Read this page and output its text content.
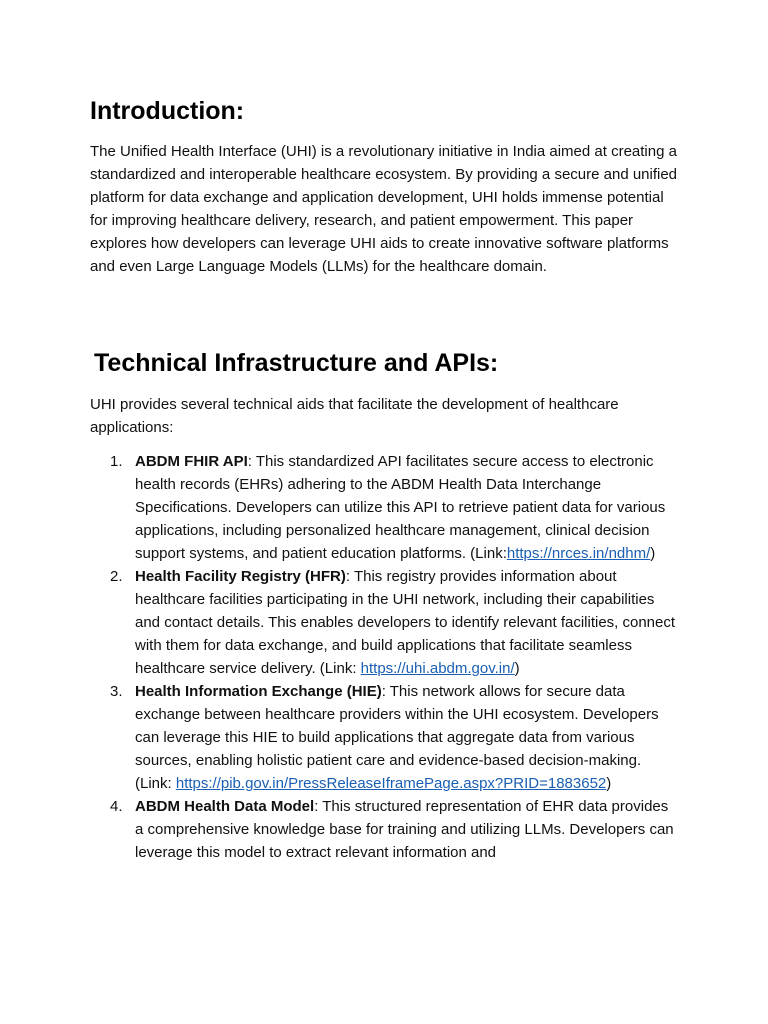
Introduction:

The Unified Health Interface (UHI) is a revolutionary initiative in India aimed at creating a standardized and interoperable healthcare ecosystem. By providing a secure and unified platform for data exchange and application development, UHI holds immense potential for improving healthcare delivery, research, and patient empowerment. This paper explores how developers can leverage UHI aids to create innovative software platforms and even Large Language Models (LLMs) for the healthcare domain.

Technical Infrastructure and APIs:

UHI provides several technical aids that facilitate the development of healthcare applications:

1. ABDM FHIR API: This standardized API facilitates secure access to electronic health records (EHRs) adhering to the ABDM Health Data Interchange Specifications. Developers can utilize this API to retrieve patient data for various applications, including personalized healthcare management, clinical decision support systems, and patient education platforms. (Link:https://nrces.in/ndhm/)
2. Health Facility Registry (HFR): This registry provides information about healthcare facilities participating in the UHI network, including their capabilities and contact details. This enables developers to identify relevant facilities, connect with them for data exchange, and build applications that facilitate seamless healthcare service delivery. (Link: https://uhi.abdm.gov.in/)
3. Health Information Exchange (HIE): This network allows for secure data exchange between healthcare providers within the UHI ecosystem. Developers can leverage this HIE to build applications that aggregate data from various sources, enabling holistic patient care and evidence-based decision-making. (Link: https://pib.gov.in/PressReleaseIframePage.aspx?PRID=1883652)
4. ABDM Health Data Model: This structured representation of EHR data provides a comprehensive knowledge base for training and utilizing LLMs. Developers can leverage this model to extract relevant information and
